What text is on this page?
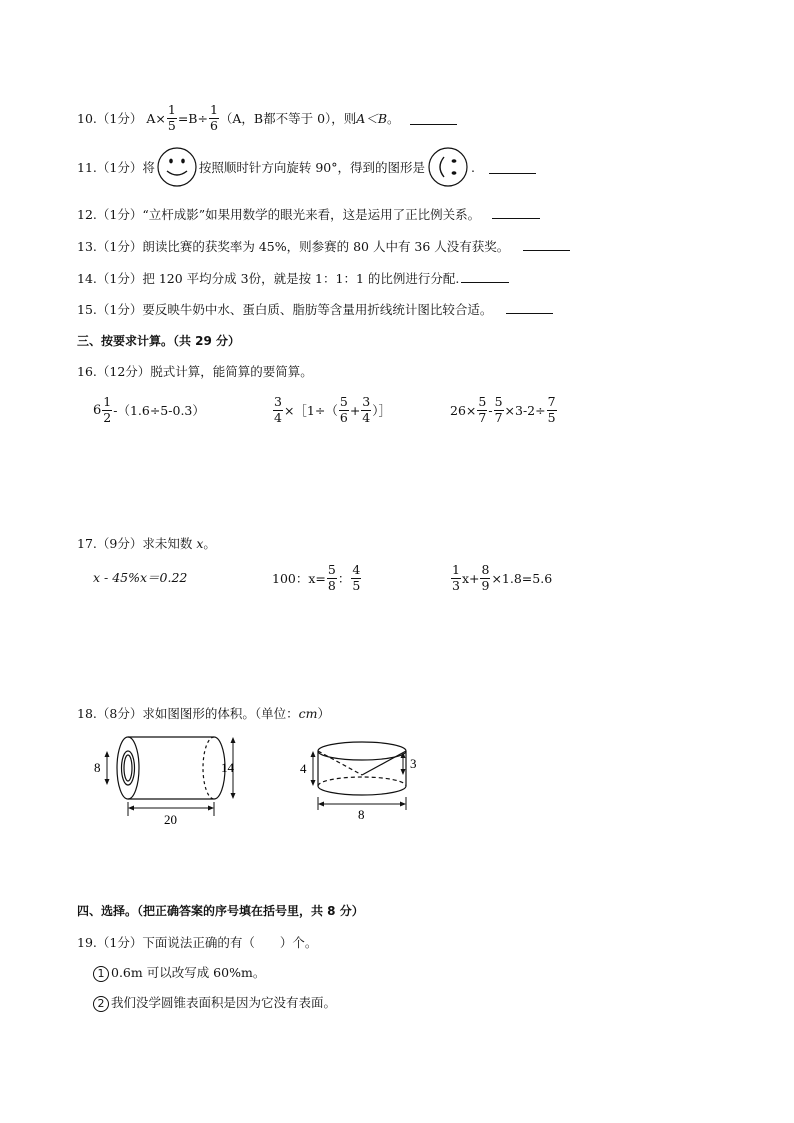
10. （1分） $A\times \frac{1}{5} =B\div \frac{1}{6} (A$，B都不等于 0），则 A＜B 。
11. （1分） 将	按照顺时针方向旋转 90°，得到的图形是	.
12.（1分）“立杆成影”如果用数学的眼光来看，这是运用了正比例关系。
13.（1分）朗读比赛的获奖率为 45%，则参赛的 80 人中有 36 人没有获奖。
14.（1分）把 120 平均分成 3份，就是按 1：1：1 的比例进行分配.
15.（1分）要反映牛奶中水、蛋白质、脂肪等含量用折线统计图比较合适。
三、按要求计算。（共 29 分）
16.（12分）脱式计算，能简算的要简算。
$6 \frac{1}{2} -(1.6\div 5-0.3)$	$\frac{3}{4}$ ×［1÷（ $\frac{5}{6} + \frac{3}{4}$ ）］	$26\times \frac{5}{7} - \frac{5}{7} \times 3-2\div \frac{7}{5}$
17.（9分）求未知数 x。
x - 45%x＝0.22	100：$x= \frac{5}{8}$ ： $\frac{4}{5}$	$\frac{1}{3} x+ \frac{8}{9} \times 1.8=5.6$
18.（8分）求如图图形的体积。（单位：cm）
8	14
20
4	3
8
四、选择。（把正确答案的序号填在括号里，共 8 分）
19.（1分）下面说法正确的有（　　）个。
1 0.6m 可以改写成 60%m。
2 我们没学圆锥表面积是因为它没有表面。
